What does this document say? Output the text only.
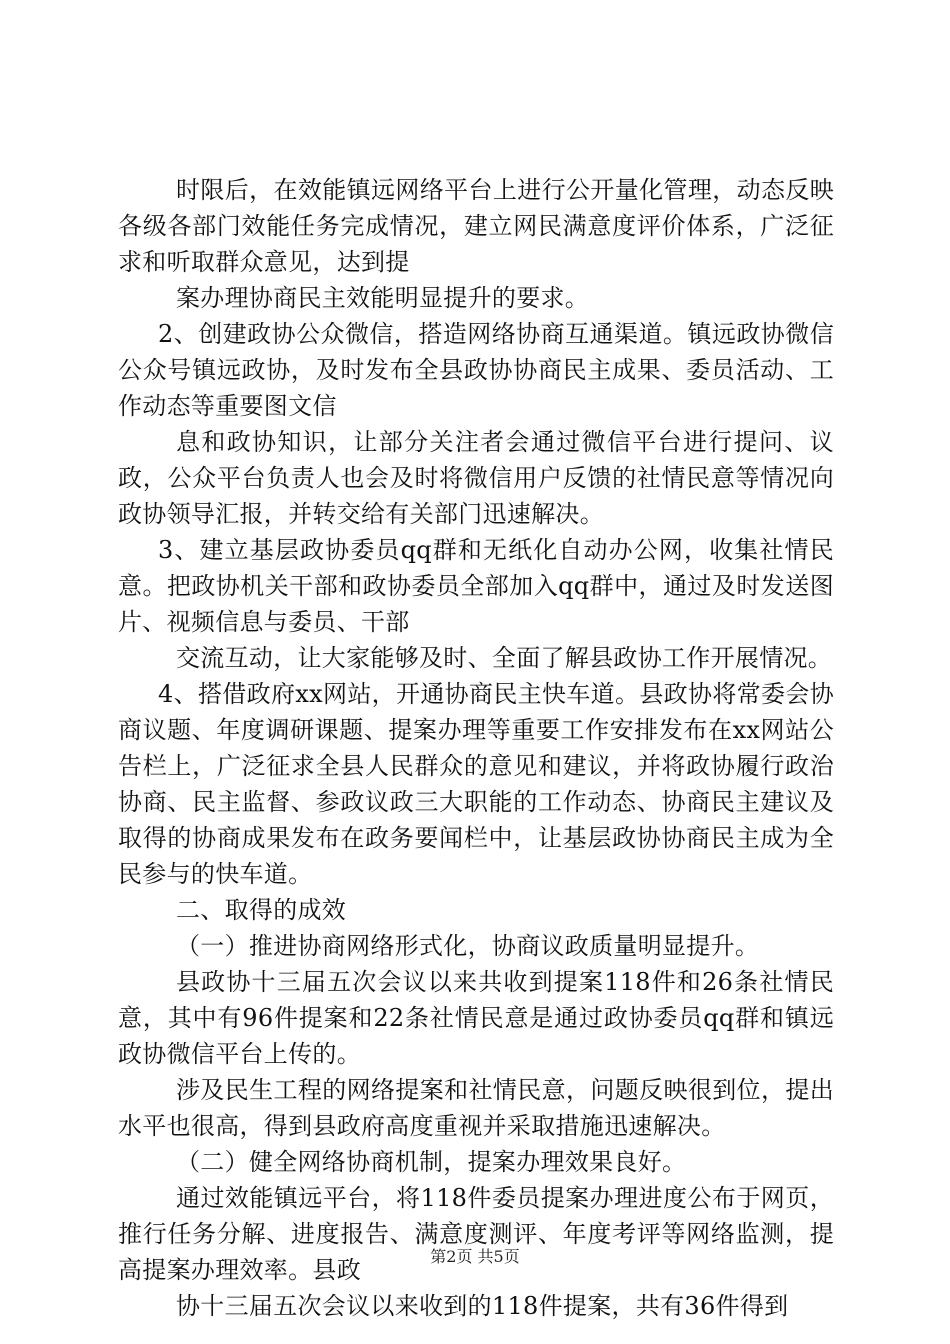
时限后，在效能镇远网络平台上进行公开量化管理，动态反映各级各部门效能任务完成情况，建立网民满意度评价体系，广泛征求和听取群众意见，达到提

案办理协商民主效能明显提升的要求。

2、创建政协公众微信，搭造网络协商互通渠道。镇远政协微信公众号镇远政协，及时发布全县政协协商民主成果、委员活动、工作动态等重要图文信

息和政协知识，让部分关注者会通过微信平台进行提问、议政，公众平台负责人也会及时将微信用户反馈的社情民意等情况向政协领导汇报，并转交给有关部门迅速解决。

3、建立基层政协委员qq群和无纸化自动办公网，收集社情民意。把政协机关干部和政协委员全部加入qq群中，通过及时发送图片、视频信息与委员、干部

交流互动，让大家能够及时、全面了解县政协工作开展情况。

4、搭借政府xx网站，开通协商民主快车道。县政协将常委会协商议题、年度调研课题、提案办理等重要工作安排发布在xx网站公告栏上，广泛征求全县人民群众的意见和建议，并将政协履行政治协商、民主监督、参政议政三大职能的工作动态、协商民主建议及取得的协商成果发布在政务要闻栏中，让基层政协协商民主成为全民参与的快车道。

二、取得的成效

（一）推进协商网络形式化，协商议政质量明显提升。

县政协十三届五次会议以来共收到提案118件和26条社情民意，其中有96件提案和22条社情民意是通过政协委员qq群和镇远政协微信平台上传的。

涉及民生工程的网络提案和社情民意，问题反映很到位，提出水平也很高，得到县政府高度重视并采取措施迅速解决。

（二）健全网络协商机制，提案办理效果良好。

通过效能镇远平台，将118件委员提案办理进度公布于网页，推行任务分解、进度报告、满意度测评、年度考评等网络监测，提高提案办理效率。县政

协十三届五次会议以来收到的118件提案，共有36件得到

第2页 共5页
